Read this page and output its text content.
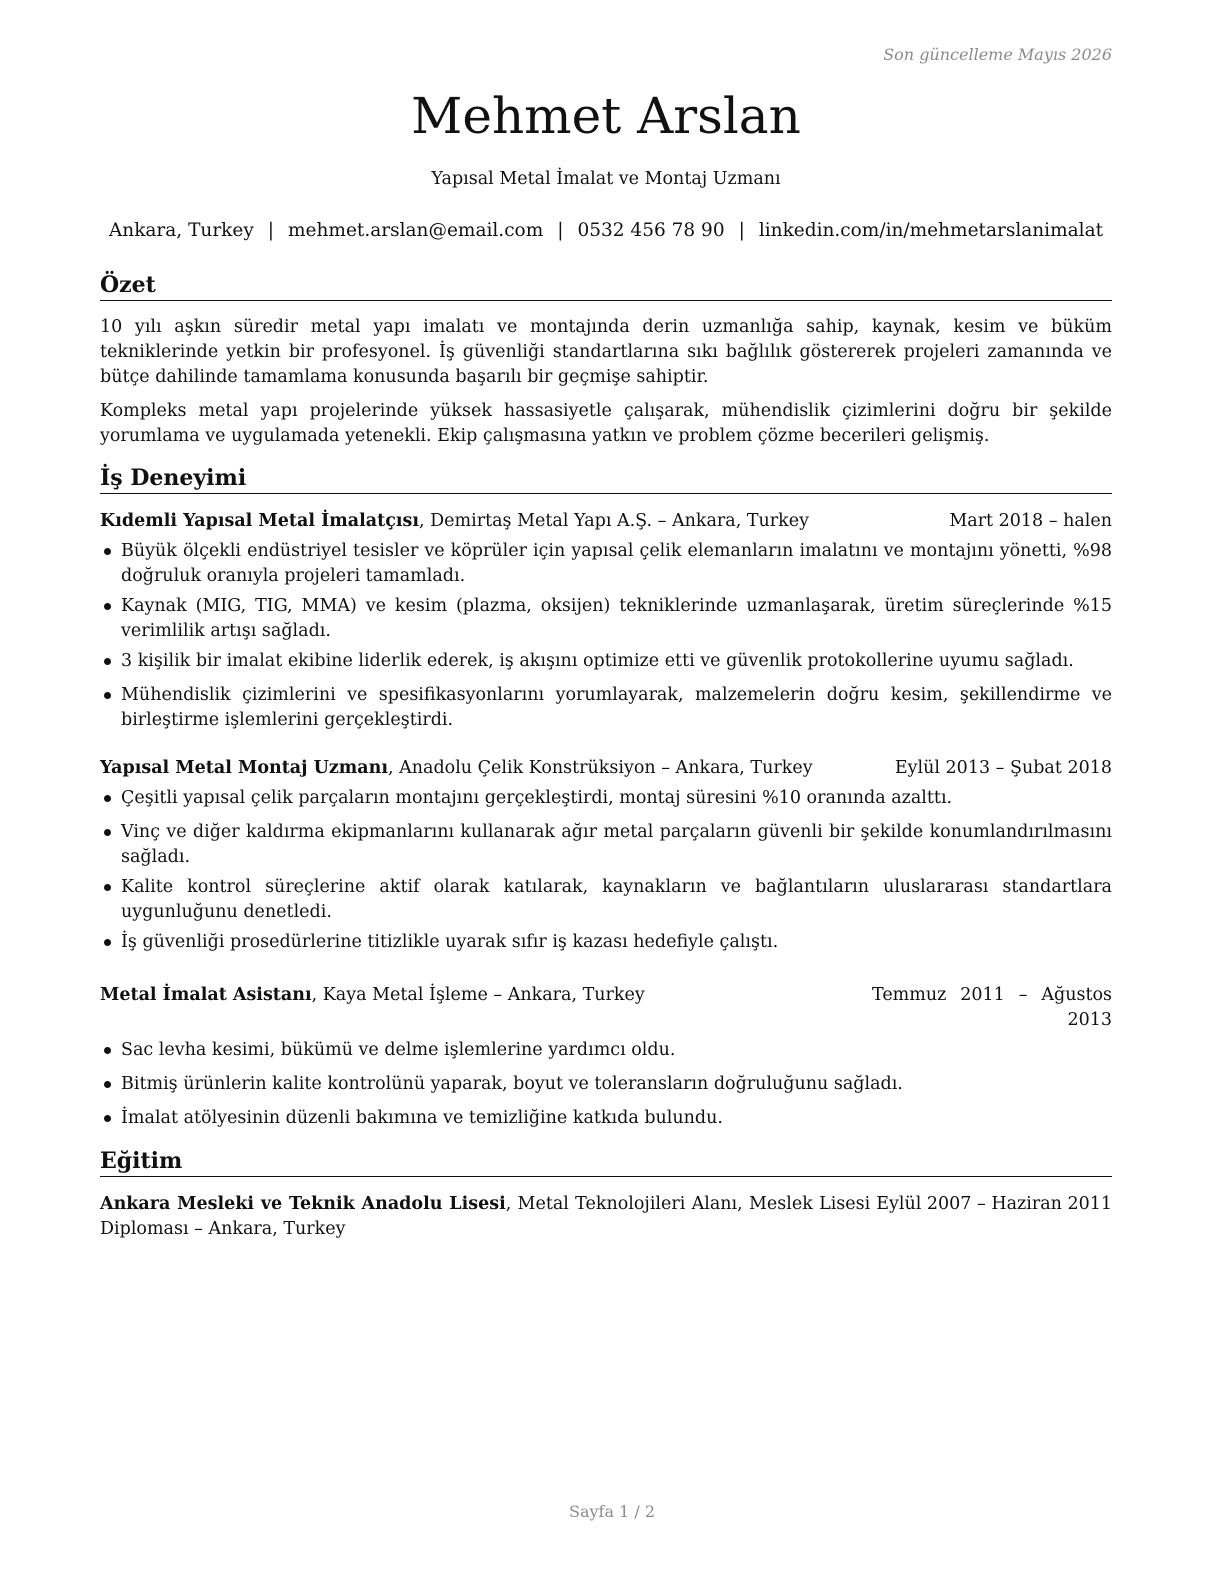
Son güncelleme Mayıs 2026
Mehmet Arslan
Yapısal Metal İmalat ve Montaj Uzmanı
Ankara, Turkey | mehmet.arslan@email.com | 0532 456 78 90 | linkedin.com/in/mehmetarslanimalat
Özet

10 yılı aşkın süredir metal yapı imalatı ve montajında derin uzmanlığa sahip, kaynak, kesim ve büküm tekniklerinde yetkin bir profesyonel. İş güvenliği standartlarına sıkı bağlılık göstererek projeleri zamanında ve bütçe dahilinde tamamlama konusunda başarılı bir geçmişe sahiptir.

Kompleks metal yapı projelerinde yüksek hassasiyetle çalışarak, mühendislik çizimlerini doğru bir şekilde yorumlama ve uygulamada yetenekli. Ekip çalışmasına yatkın ve problem çözme becerileri gelişmiş.

İş Deneyimi
Kıdemli Yapısal Metal İmalatçısı, Demirtaş Metal Yapı A.Ş. – Ankara, Turkey	Mart 2018 – halen
Büyük ölçekli endüstriyel tesisler ve köprüler için yapısal çelik elemanların imalatını ve montajını yönetti, %98 doğruluk oranıyla projeleri tamamladı.
Kaynak (MIG, TIG, MMA) ve kesim (plazma, oksijen) tekniklerinde uzmanlaşarak, üretim süreçlerinde %15 verimlilik artışı sağladı.
3 kişilik bir imalat ekibine liderlik ederek, iş akışını optimize etti ve güvenlik protokollerine uyumu sağladı.
Mühendislik çizimlerini ve spesifikasyonlarını yorumlayarak, malzemelerin doğru kesim, şekillendirme ve birleştirme işlemlerini gerçekleştirdi.
Yapısal Metal Montaj Uzmanı, Anadolu Çelik Konstrüksiyon – Ankara, Turkey	Eylül 2013 – Şubat 2018
Çeşitli yapısal çelik parçaların montajını gerçekleştirdi, montaj süresini %10 oranında azalttı.
Vinç ve diğer kaldırma ekipmanlarını kullanarak ağır metal parçaların güvenli bir şekilde konumlandırılmasını sağladı.
Kalite kontrol süreçlerine aktif olarak katılarak, kaynakların ve bağlantıların uluslararası standartlara uygunluğunu denetledi.
İş güvenliği prosedürlerine titizlikle uyarak sıfır iş kazası hedefiyle çalıştı.
Metal İmalat Asistanı, Kaya Metal İşleme – Ankara, Turkey	Temmuz 2011 – Ağustos 2013
Sac levha kesimi, bükümü ve delme işlemlerine yardımcı oldu.
Bitmiş ürünlerin kalite kontrolünü yaparak, boyut ve toleransların doğruluğunu sağladı.
İmalat atölyesinin düzenli bakımına ve temizliğine katkıda bulundu.
Eğitim
Ankara Mesleki ve Teknik Anadolu Lisesi, Metal Teknolojileri Alanı, Meslek Lisesi Diploması – Ankara, Turkey
Eylül 2007 – Haziran 2011
Sayfa 1 / 2
